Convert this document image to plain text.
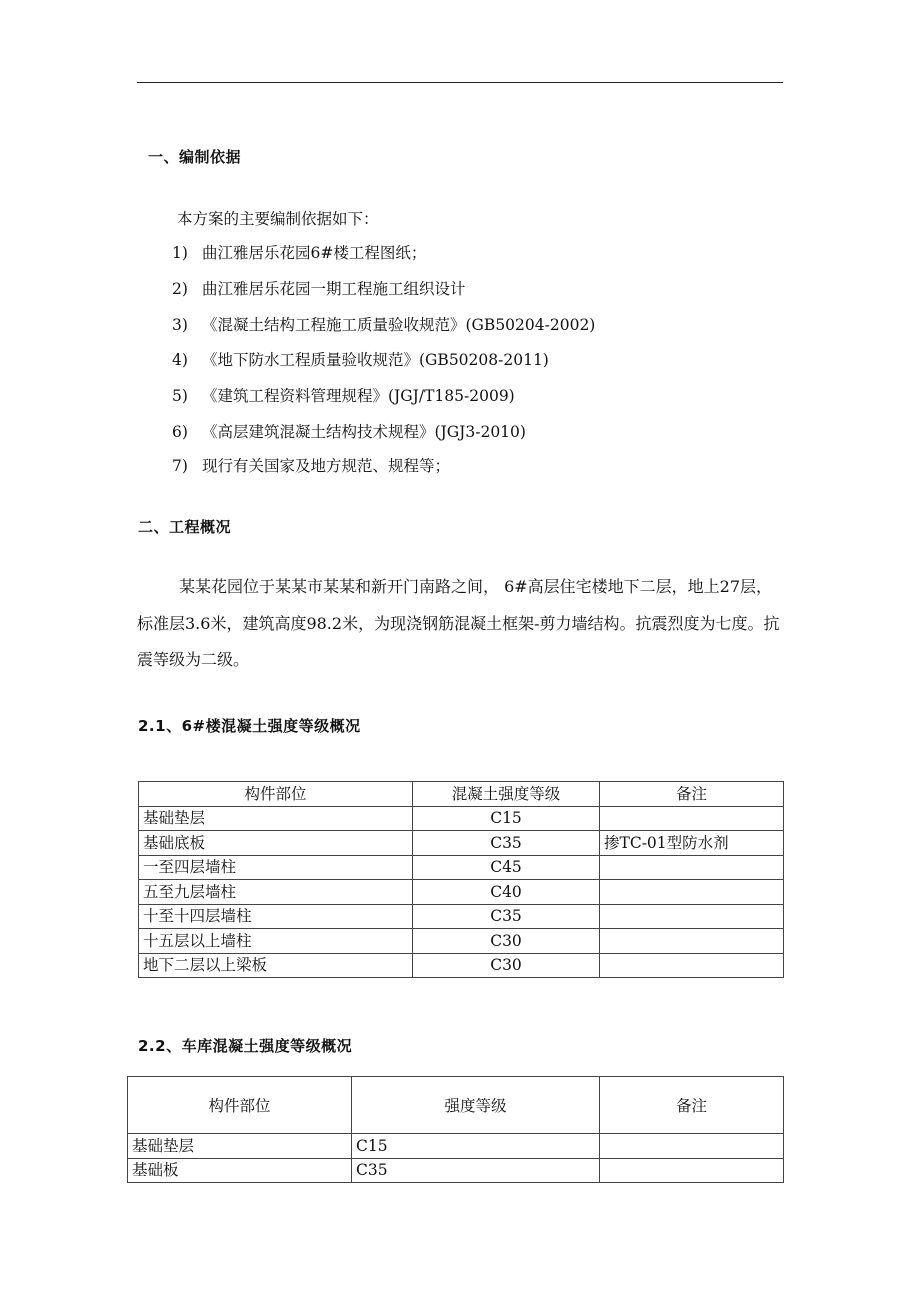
一、编制依据
本方案的主要编制依据如下：
1) 曲江雅居乐花园6#楼工程图纸；
2) 曲江雅居乐花园一期工程施工组织设计
3) 《混凝土结构工程施工质量验收规范》(GB50204-2002)
4) 《地下防水工程质量验收规范》(GB50208-2011)
5) 《建筑工程资料管理规程》(JGJ/T185-2009)
6) 《高层建筑混凝土结构技术规程》(JGJ3-2010)
7) 现行有关国家及地方规范、规程等；
二、工程概况
某某花园位于某某市某某和新开门南路之间， 6#高层住宅楼地下二层，地上27层，标准层3.6米，建筑高度98.2米，为现浇钢筋混凝土框架-剪力墙结构。抗震烈度为七度。抗震等级为二级。
2.1、6#楼混凝土强度等级概况
构件部位	混凝土强度等级	备注
基础垫层	C15	
基础底板	C35	掺TC-01型防水剂
一至四层墙柱	C45	
五至九层墙柱	C40	
十至十四层墙柱	C35	
十五层以上墙柱	C30	
地下二层以上梁板	C30	
2.2、车库混凝土强度等级概况
构件部位	强度等级	备注
基础垫层	C15	
基础板	C35	
